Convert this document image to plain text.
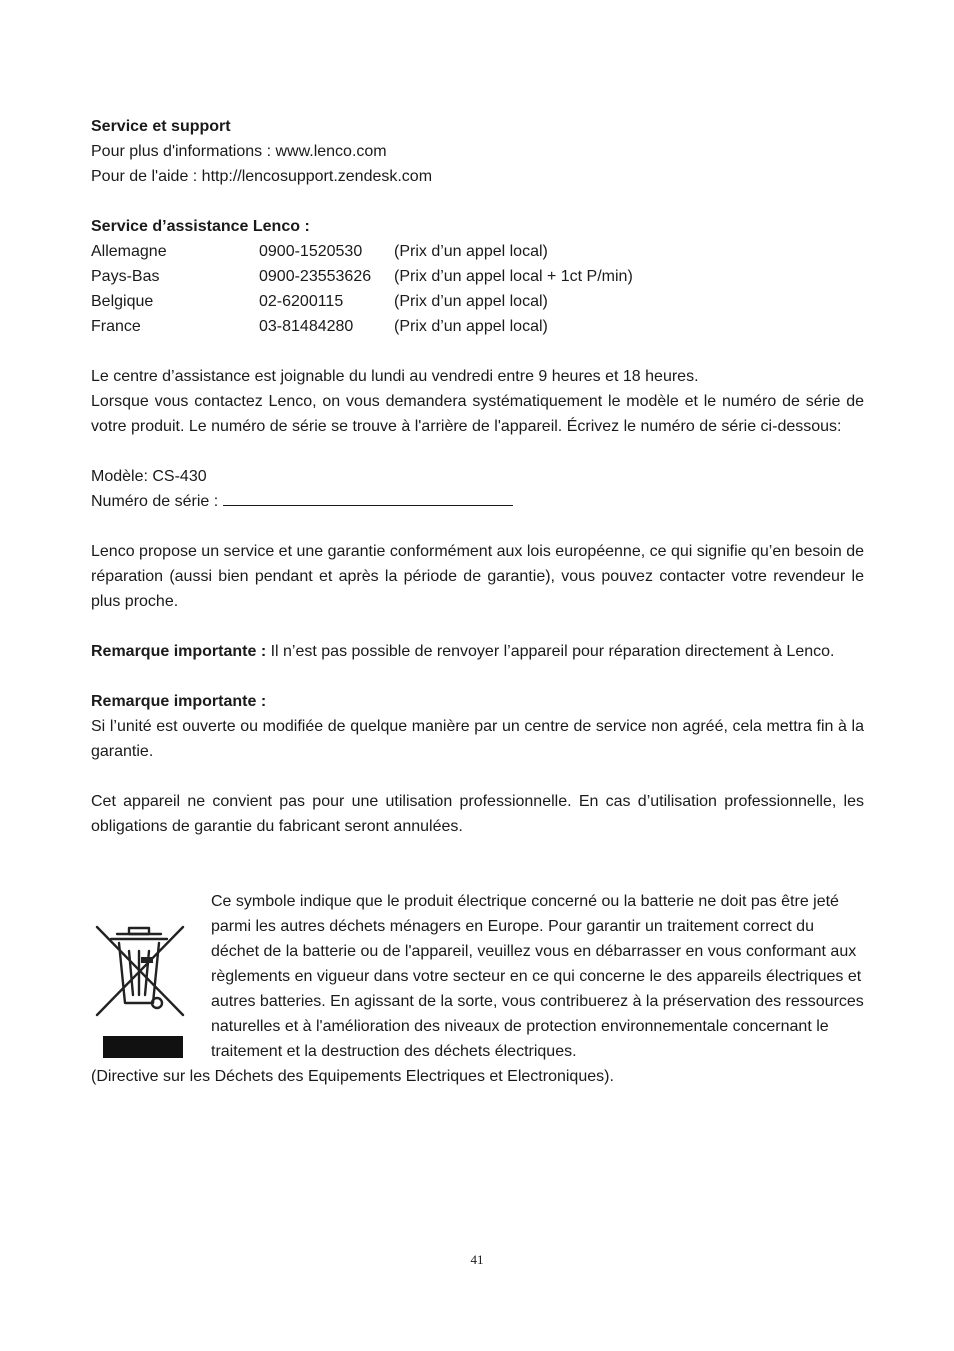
Service et support
Pour plus d'informations : www.lenco.com
Pour de l'aide : http://lencosupport.zendesk.com
Service d’assistance Lenco :
Allemagne	0900-1520530	(Prix d’un appel local)
Pays-Bas	0900-23553626	(Prix d’un appel local + 1ct P/min)
Belgique	02-6200115	(Prix d’un appel local)
France	03-81484280	(Prix d’un appel local)
Le centre d’assistance est joignable du lundi au vendredi entre 9 heures et 18 heures.
Lorsque vous contactez Lenco, on vous demandera systématiquement le modèle et le numéro de série de votre produit. Le numéro de série se trouve à l'arrière de l'appareil. Écrivez le numéro de série ci-dessous:
Modèle: CS-430
Numéro de série :
Lenco propose un service et une garantie conformément aux lois européenne, ce qui signifie qu’en besoin de réparation (aussi bien pendant et après la période de garantie), vous pouvez contacter votre revendeur le plus proche.
Remarque importante : Il n’est pas possible de renvoyer l’appareil pour réparation directement à Lenco.
Remarque importante :
Si l’unité est ouverte ou modifiée de quelque manière par un centre de service non agréé, cela mettra fin à la garantie.
Cet appareil ne convient pas pour une utilisation professionnelle. En cas d’utilisation professionnelle, les obligations de garantie du fabricant seront annulées.
Ce symbole indique que le produit électrique concerné ou la batterie ne doit pas être jeté parmi les autres déchets ménagers en Europe. Pour garantir un traitement correct du déchet de la batterie ou de l'appareil, veuillez vous en débarrasser en vous conformant aux règlements en vigueur dans votre secteur en ce qui concerne le des appareils électriques et autres batteries. En agissant de la sorte, vous contribuerez à la préservation des ressources naturelles et à l'amélioration des niveaux de protection environnementale concernant le traitement et la destruction des déchets électriques.
(Directive sur les Déchets des Equipements Electriques et Electroniques).
41
